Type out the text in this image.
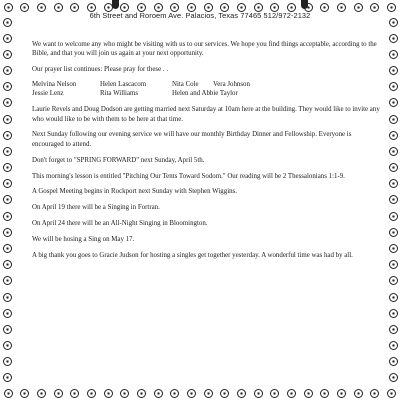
6th Street and Roroem Ave. Palacios, Texas 77465 512/972-2132

We want to welcome any who might be visiting with us to our services. We hope you find things acceptable, according to the Bible, and that you will join us again at your next opportunity.

Our prayer list continues: Please pray for these . .

Melvina Nelson	Helen Lascacom	Nita Cole	Vera Johnson
Jessie Lenz	Rita Williams	Helen and Abbie Taylor

Laurie Revels and Doug Dodson are getting married next Saturday at 10am here at the building. They would like to invite any who would like to be with them to be here at that time.

Next Sunday following our evening service we will have our monthly Birthday Dinner and Fellowship. Everyone is encouraged to attend.

Don't forget to "SPRING FORWARD" next Sunday, April 5th.

This morning's lesson is entitled "Pitching Our Tents Toward Sodom." Our reading will be 2 Thessalonians 1:1-9.

A Gospel Meeting begins in Rockport next Sunday with Stephen Wiggins.

On April 19 there will be a Singing in Fortran.

On April 24 there will be an All-Night Singing in Bloomington.

We will be hosing a Sing on May 17.

A big thank you goes to Gracie Judson for hosting a singles get together yesterday. A wonderful time was had by all.
